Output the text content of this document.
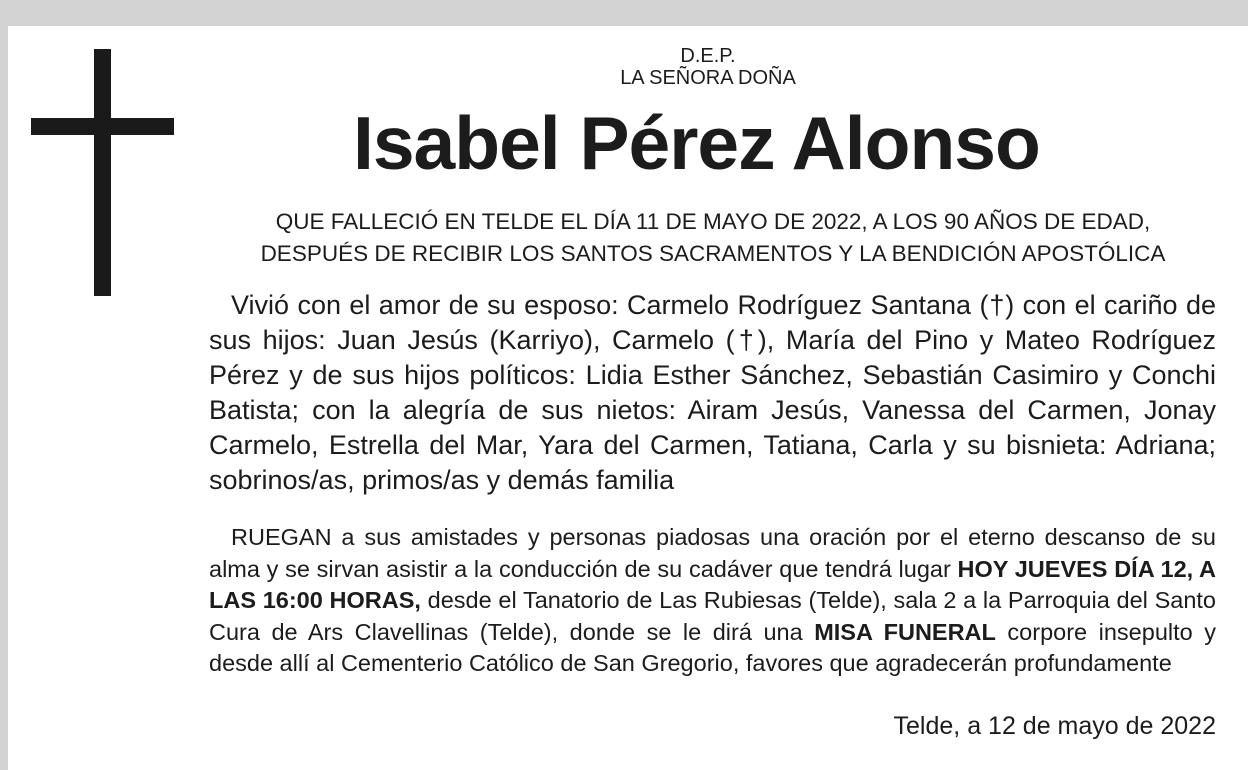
D.E.P.
LA SEÑORA DOÑA
Isabel Pérez Alonso
QUE FALLECIÓ EN TELDE EL DÍA 11 DE MAYO DE 2022, A LOS 90 AÑOS DE EDAD,
DESPUÉS DE RECIBIR LOS SANTOS SACRAMENTOS Y LA BENDICIÓN APOSTÓLICA
Vivió con el amor de su esposo: Carmelo Rodríguez Santana (†) con el cariño de sus hijos: Juan Jesús (Karriyo), Carmelo (†), María del Pino y Mateo Rodríguez Pérez y de sus hijos políticos: Lidia Esther Sánchez, Sebastián Casimiro y Conchi Batista; con la alegría de sus nietos: Airam Jesús, Vanessa del Carmen, Jonay Carmelo, Estrella del Mar, Yara del Carmen, Tatiana, Carla y su bisnieta: Adriana; sobrinos/as, primos/as y demás familia
RUEGAN a sus amistades y personas piadosas una oración por el eterno descanso de su alma y se sirvan asistir a la conducción de su cadáver que tendrá lugar HOY JUEVES DÍA 12, A LAS 16:00 HORAS, desde el Tanatorio de Las Rubiesas (Telde), sala 2 a la Parroquia del Santo Cura de Ars Clavellinas (Telde), donde se le dirá una MISA FUNERAL corpore insepulto y desde allí al Cementerio Católico de San Gregorio, favores que agradecerán profundamente
Telde, a 12 de mayo de 2022
